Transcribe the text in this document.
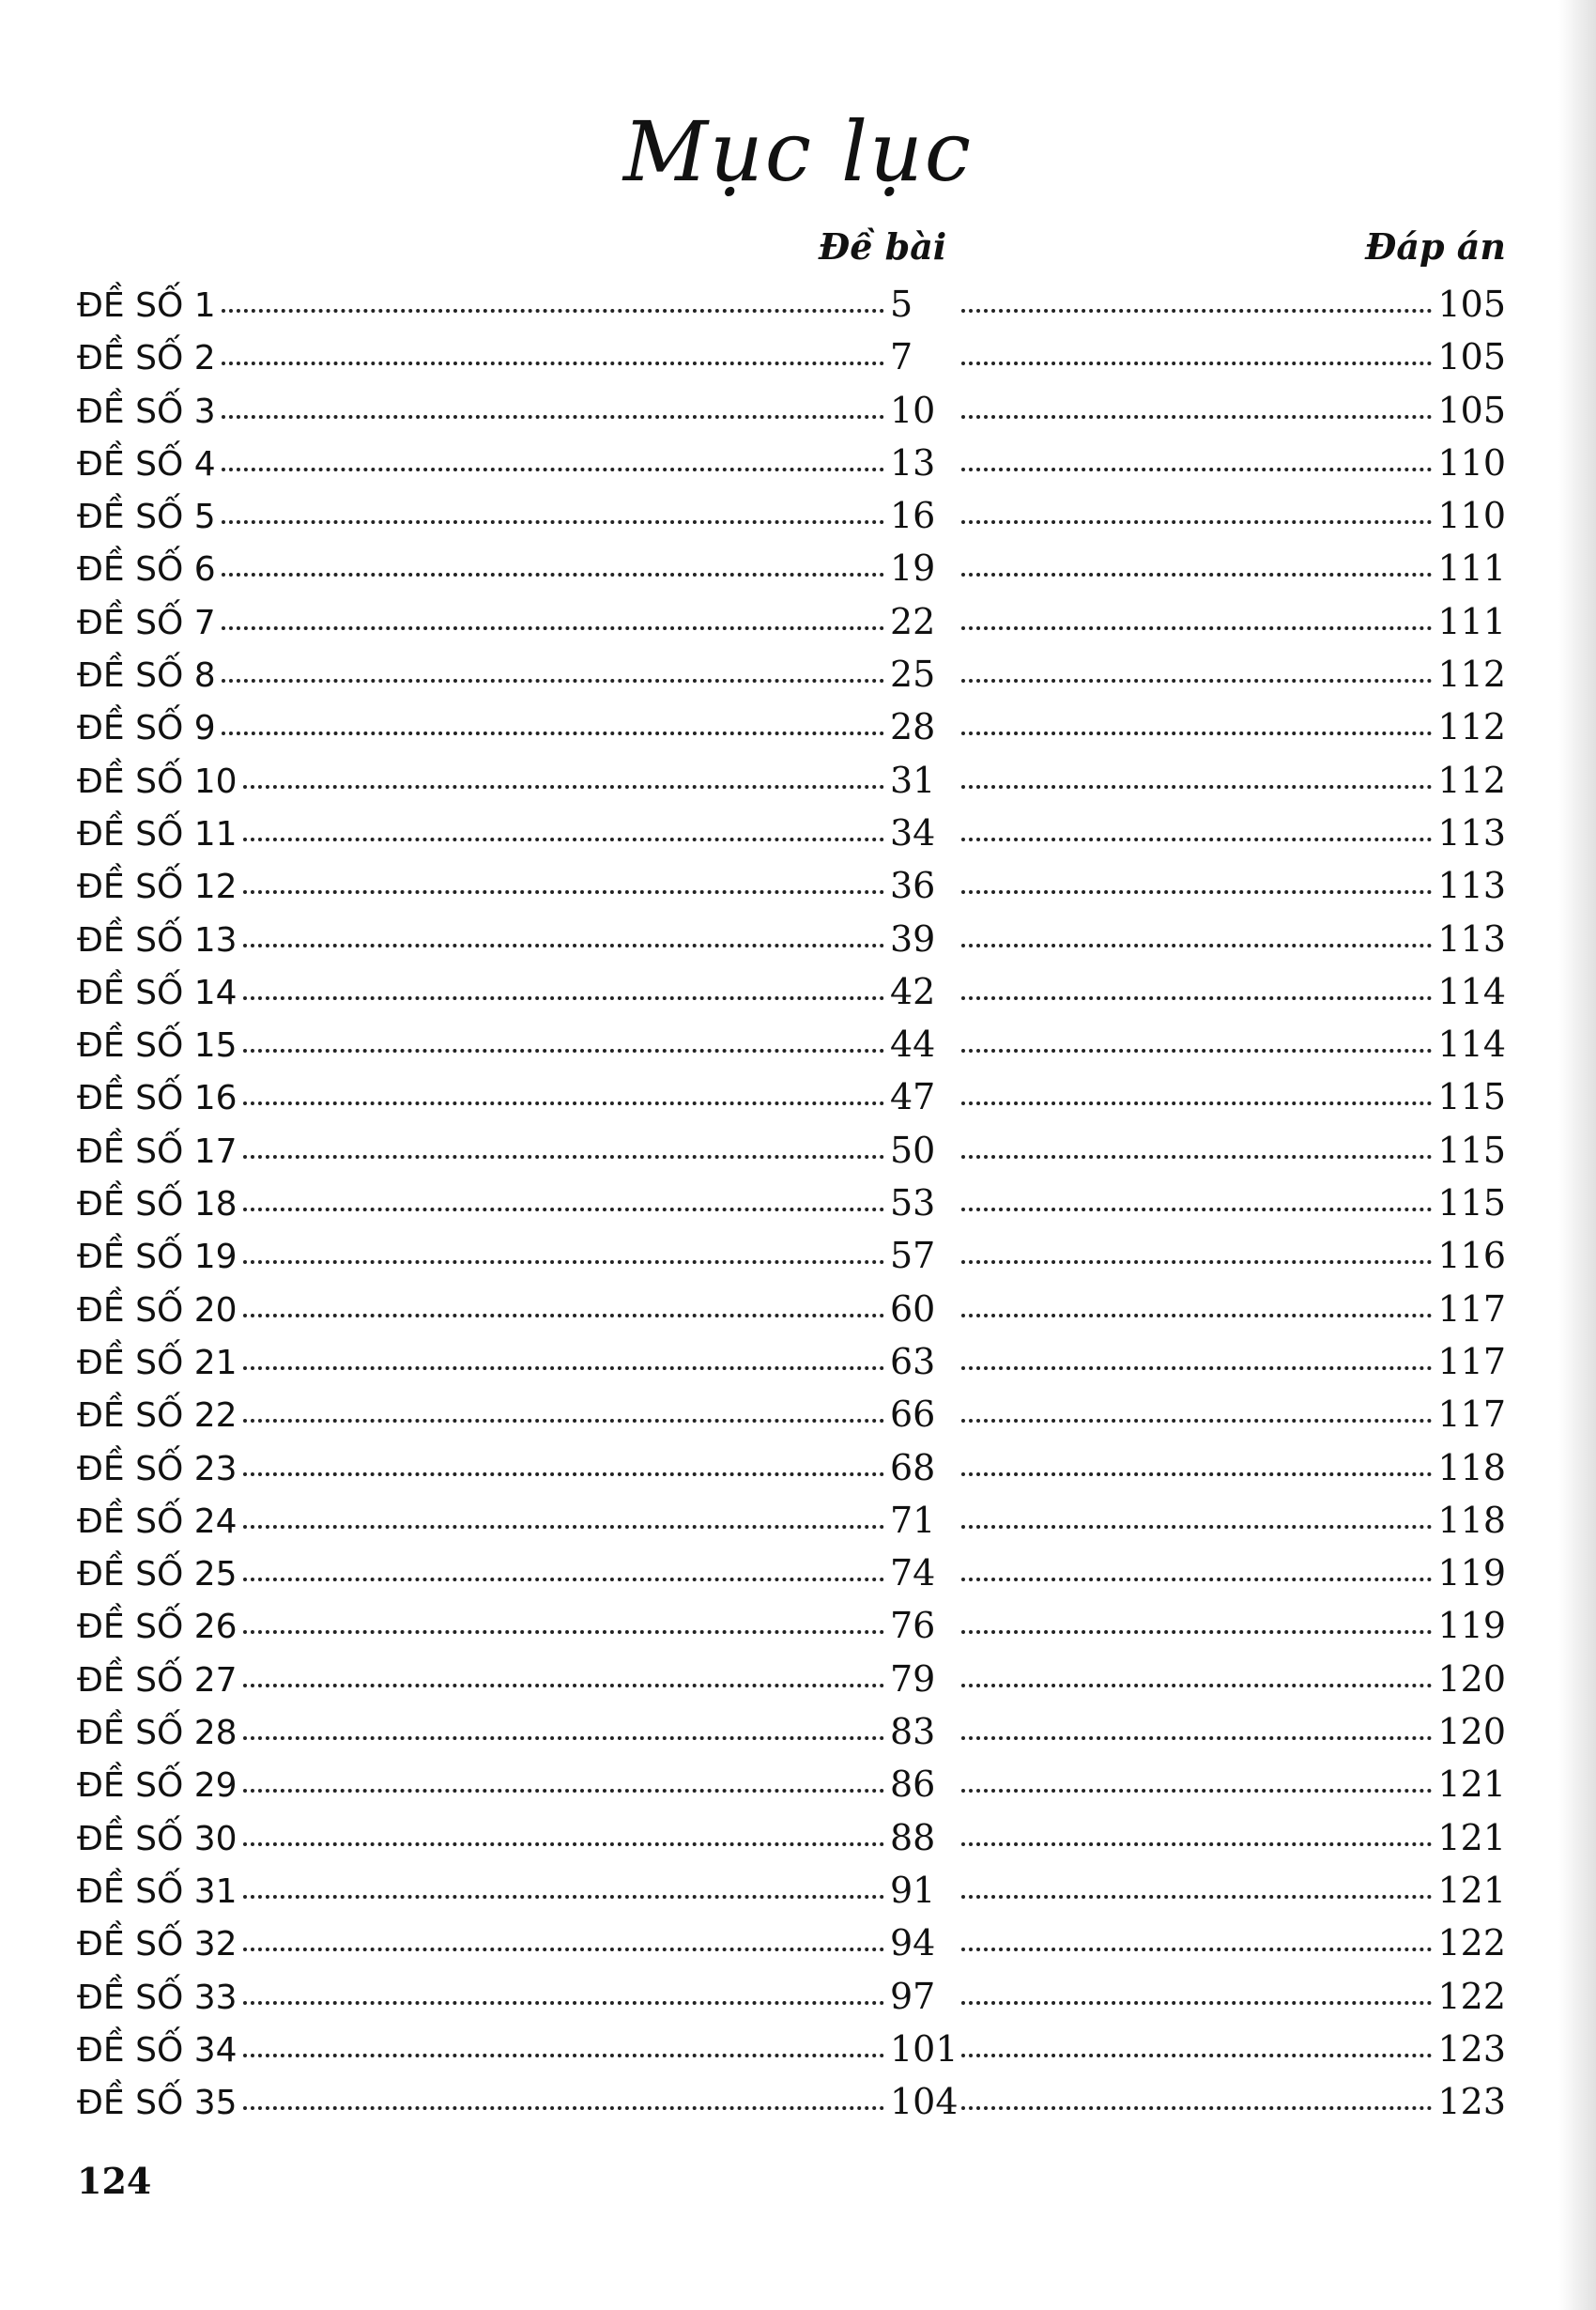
Mục lục
Đề bài	Đáp án
ĐỀ SỐ 1	5	105
ĐỀ SỐ 2	7	105
ĐỀ SỐ 3	10	105
ĐỀ SỐ 4	13	110
ĐỀ SỐ 5	16	110
ĐỀ SỐ 6	19	111
ĐỀ SỐ 7	22	111
ĐỀ SỐ 8	25	112
ĐỀ SỐ 9	28	112
ĐỀ SỐ 10	31	112
ĐỀ SỐ 11	34	113
ĐỀ SỐ 12	36	113
ĐỀ SỐ 13	39	113
ĐỀ SỐ 14	42	114
ĐỀ SỐ 15	44	114
ĐỀ SỐ 16	47	115
ĐỀ SỐ 17	50	115
ĐỀ SỐ 18	53	115
ĐỀ SỐ 19	57	116
ĐỀ SỐ 20	60	117
ĐỀ SỐ 21	63	117
ĐỀ SỐ 22	66	117
ĐỀ SỐ 23	68	118
ĐỀ SỐ 24	71	118
ĐỀ SỐ 25	74	119
ĐỀ SỐ 26	76	119
ĐỀ SỐ 27	79	120
ĐỀ SỐ 28	83	120
ĐỀ SỐ 29	86	121
ĐỀ SỐ 30	88	121
ĐỀ SỐ 31	91	121
ĐỀ SỐ 32	94	122
ĐỀ SỐ 33	97	122
ĐỀ SỐ 34	101	123
ĐỀ SỐ 35	104	123
124
